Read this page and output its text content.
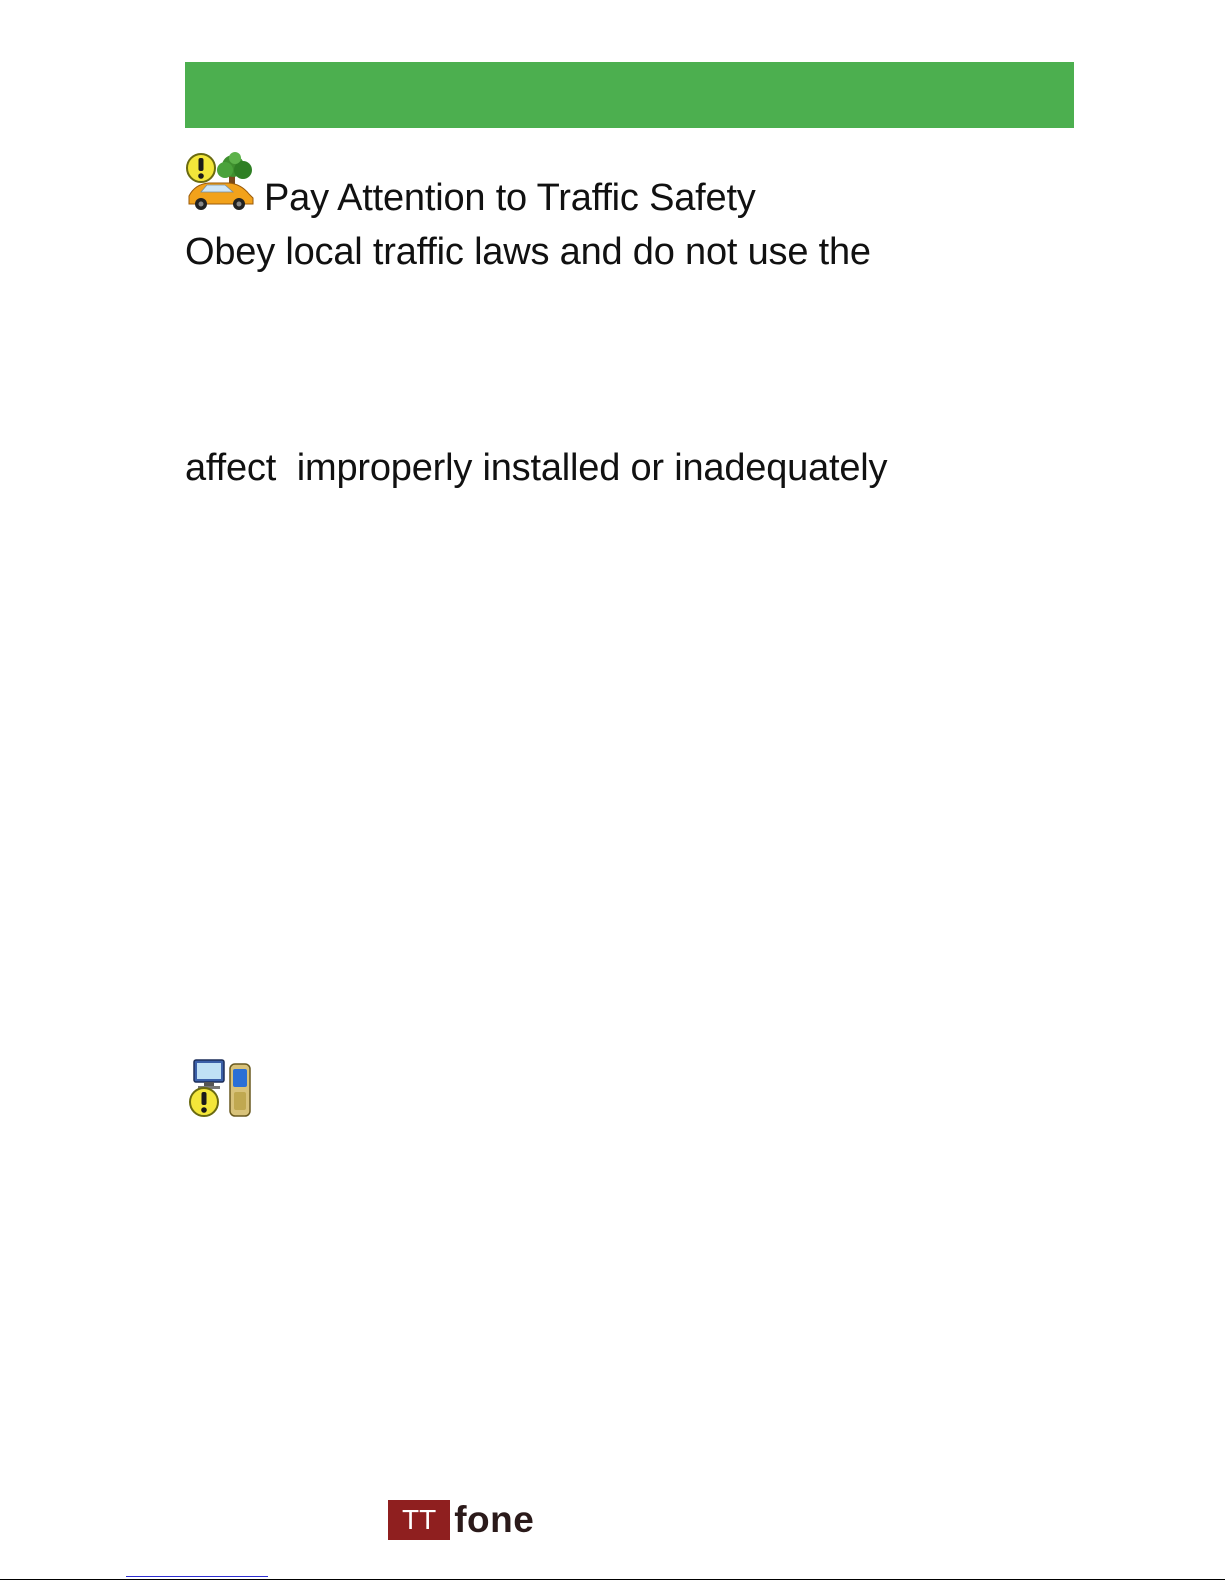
Pay Attention to Traffic Safety
Obey local traffic laws and do not use the
affect  improperly installed or inadequately
TT fone
